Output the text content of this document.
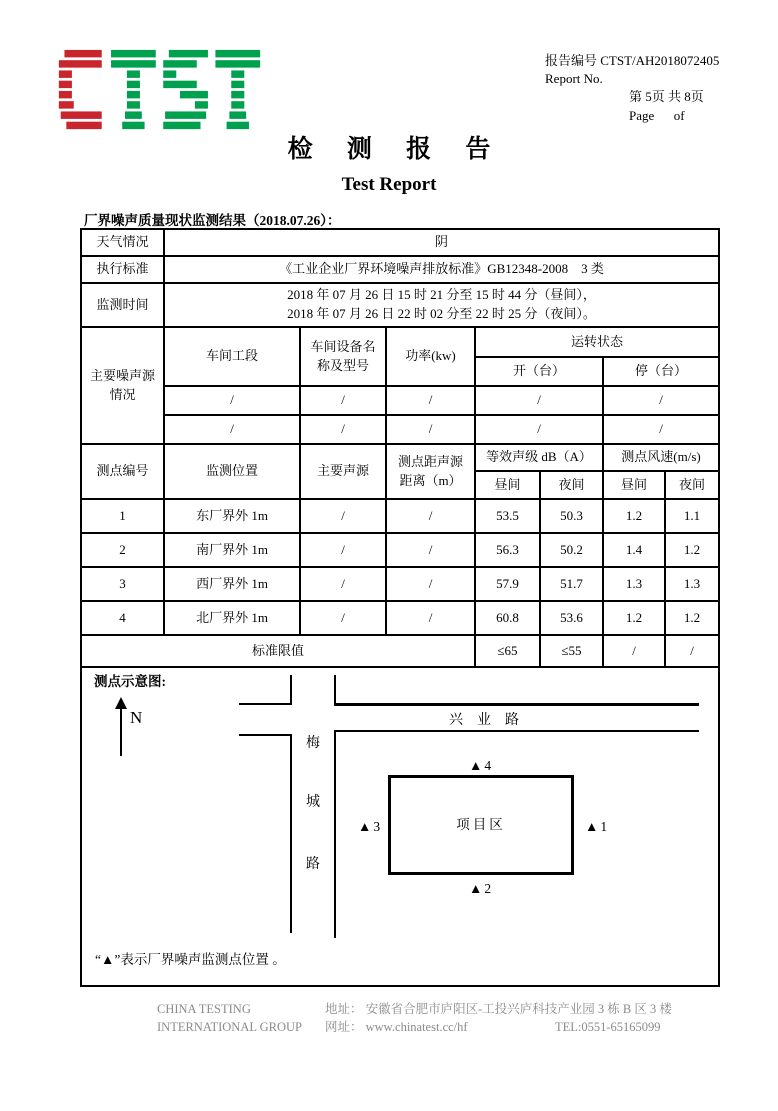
报告编号 CTST/AH2018072405
Report No.
第 5页 共 8页
Page      of
检 测 报 告
Test Report
厂界噪声质量现状监测结果（2018.07.26）：
天气情况	阴						
执行标准	《工业企业厂界环境噪声排放标准》GB12348-2008　3 类						
监测时间	2018 年 07 月 26 日 15 时 21 分至 15 时 44 分（昼间），
2018 年 07 月 26 日 22 时 02 分至 22 时 25 分（夜间）。						

主要噪声源情况	车间工段	车间设备名称及型号	功率(kw)	运转状态			
				开（台）		停（台）	
	/	/	/	/		/	
	/	/	/	/		/	
测点编号	监测位置	主要声源	测点距声源距离（m）	等效声级 dB（A）		测点风速(m/s)	
				昼间	夜间	昼间	夜间
1	东厂界外 1m	/	/	53.5	50.3	1.2	1.1
2	南厂界外 1m	/	/	56.3	50.2	1.4	1.2
3	西厂界外 1m	/	/	57.9	51.7	1.3	1.3
4	北厂界外 1m	/	/	60.8	53.6	1.2	1.2
标准限值				≤65	≤55	/	/

测点示意图:
N	兴    业    路
梅
城
路
项目区
▲4
▲1
▲3
▲2
“▲”表示厂界噪声监测点位置 。
CHINA TESTING
INTERNATIONAL GROUP
地址： 安徽省合肥市庐阳区-工投兴庐科技产业园 3 栋 B 区 3 楼
网址： www.chinatest.cc/hf	TEL:0551-65165099
